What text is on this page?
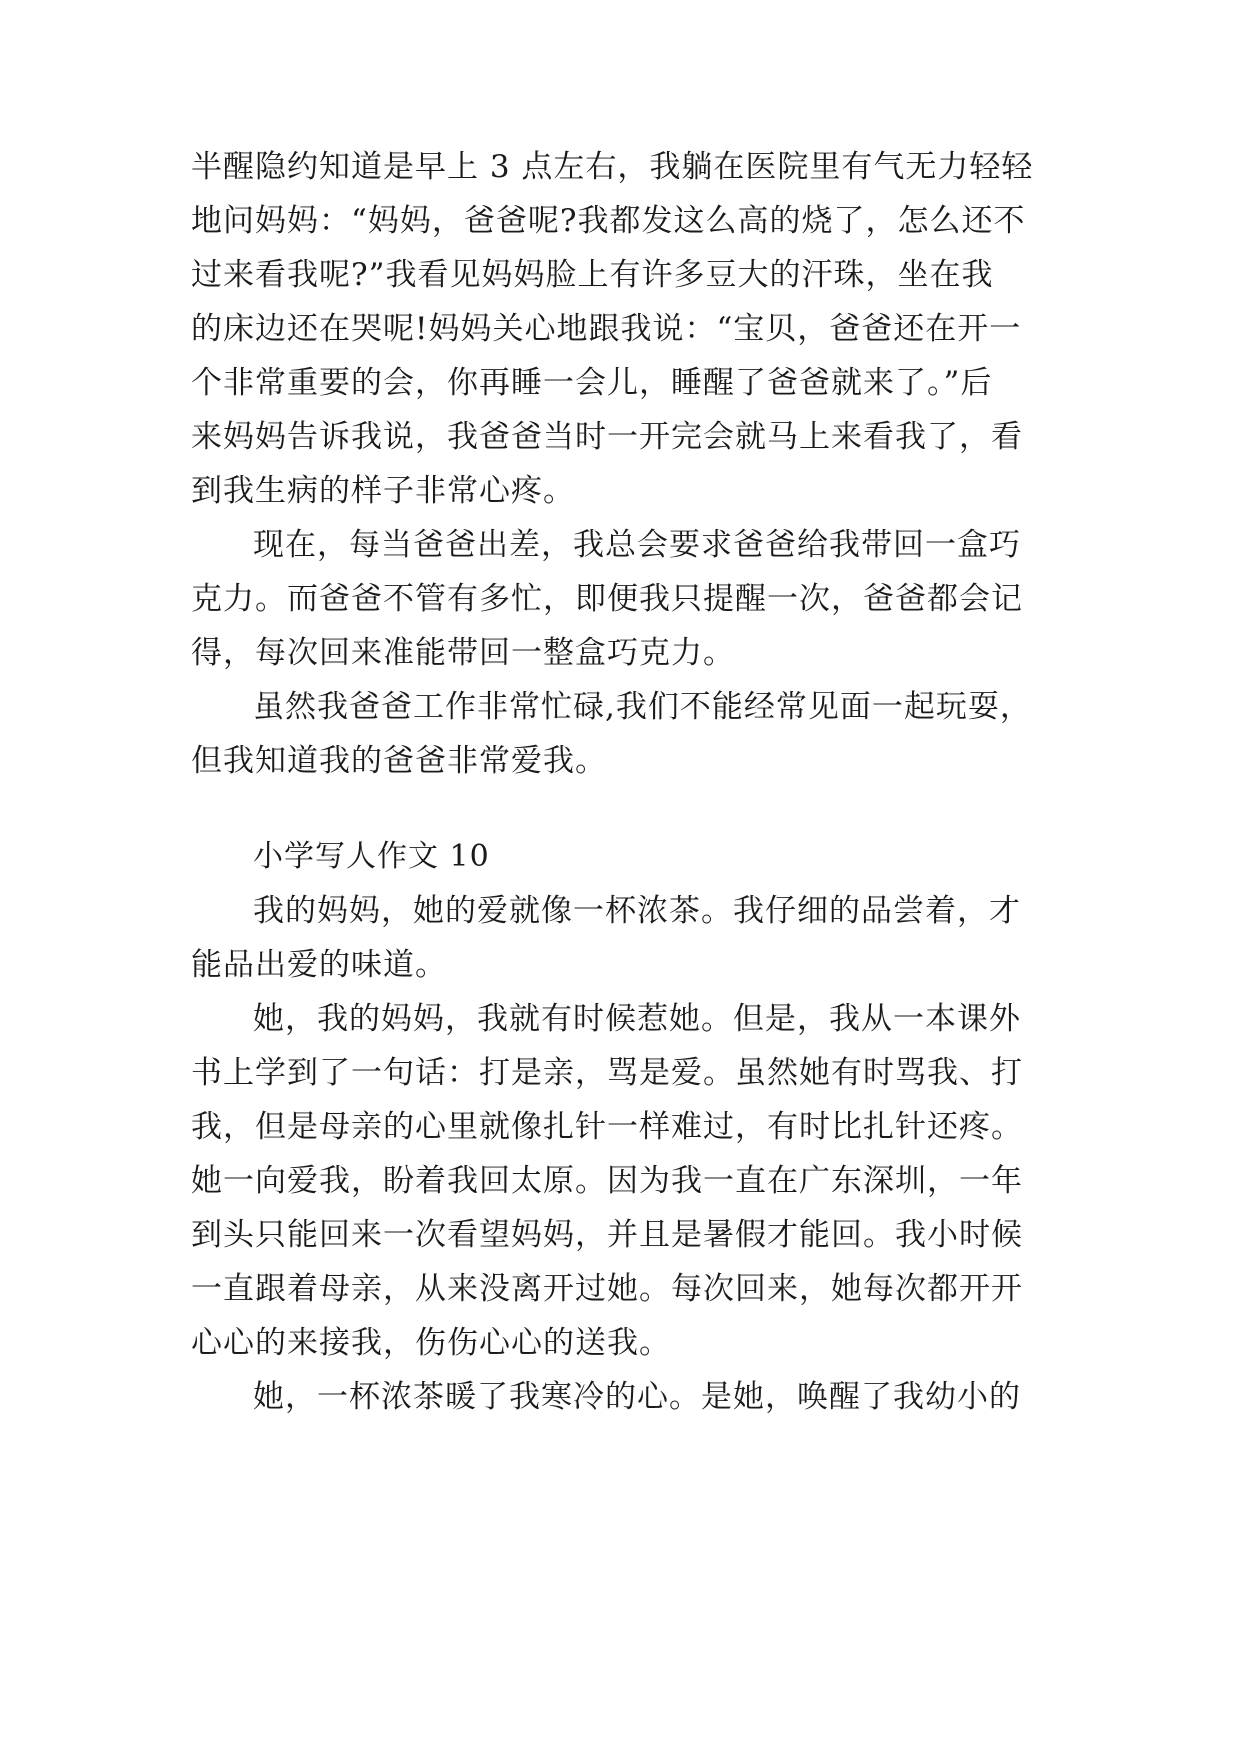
半醒隐约知道是早上 3 点左右，我躺在医院里有气无力轻轻
地问妈妈：“妈妈，爸爸呢?我都发这么高的烧了，怎么还不
过来看我呢?”我看见妈妈脸上有许多豆大的汗珠，坐在我
的床边还在哭呢!妈妈关心地跟我说：“宝贝，爸爸还在开一
个非常重要的会，你再睡一会儿，睡醒了爸爸就来了。”后
来妈妈告诉我说，我爸爸当时一开完会就马上来看我了，看
到我生病的样子非常心疼。
现在，每当爸爸出差，我总会要求爸爸给我带回一盒巧
克力。而爸爸不管有多忙，即便我只提醒一次，爸爸都会记
得，每次回来准能带回一整盒巧克力。
虽然我爸爸工作非常忙碌,我们不能经常见面一起玩耍，
但我知道我的爸爸非常爱我。
小学写人作文 10
我的妈妈，她的爱就像一杯浓茶。我仔细的品尝着，才
能品出爱的味道。
她，我的妈妈，我就有时候惹她。但是，我从一本课外
书上学到了一句话：打是亲，骂是爱。虽然她有时骂我、打
我，但是母亲的心里就像扎针一样难过，有时比扎针还疼。
她一向爱我，盼着我回太原。因为我一直在广东深圳，一年
到头只能回来一次看望妈妈，并且是暑假才能回。我小时候
一直跟着母亲，从来没离开过她。每次回来，她每次都开开
心心的来接我，伤伤心心的送我。
她，一杯浓茶暖了我寒冷的心。是她，唤醒了我幼小的
